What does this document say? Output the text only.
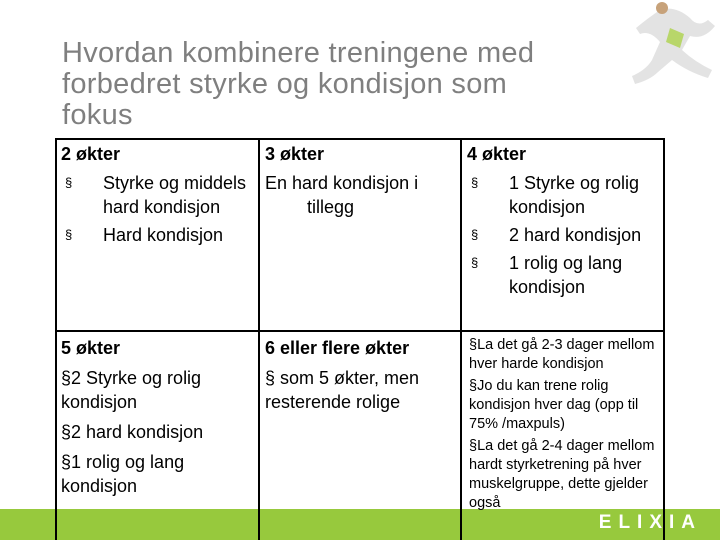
Hvordan kombinere treningene med
forbedret styrke og kondisjon som
fokus
2 økter
§ Styrke og middels hard kondisjon
§ Hard kondisjon
3 økter
En hard kondisjon i
tillegg
4 økter
§ 1 Styrke og rolig kondisjon
§ 2 hard kondisjon
§ 1 rolig og lang kondisjon
5 økter
§2 Styrke og rolig kondisjon
§2 hard kondisjon
§1 rolig og lang kondisjon
6 eller flere økter
§ som 5 økter, men resterende rolige
§La det gå 2-3 dager mellom hver harde kondisjon
§Jo du kan trene rolig kondisjon hver dag (opp til 75% /maxpuls)
§La det gå 2-4 dager mellom hardt styrketrening på hver muskelgruppe, dette gjelder også
ELIXIA
